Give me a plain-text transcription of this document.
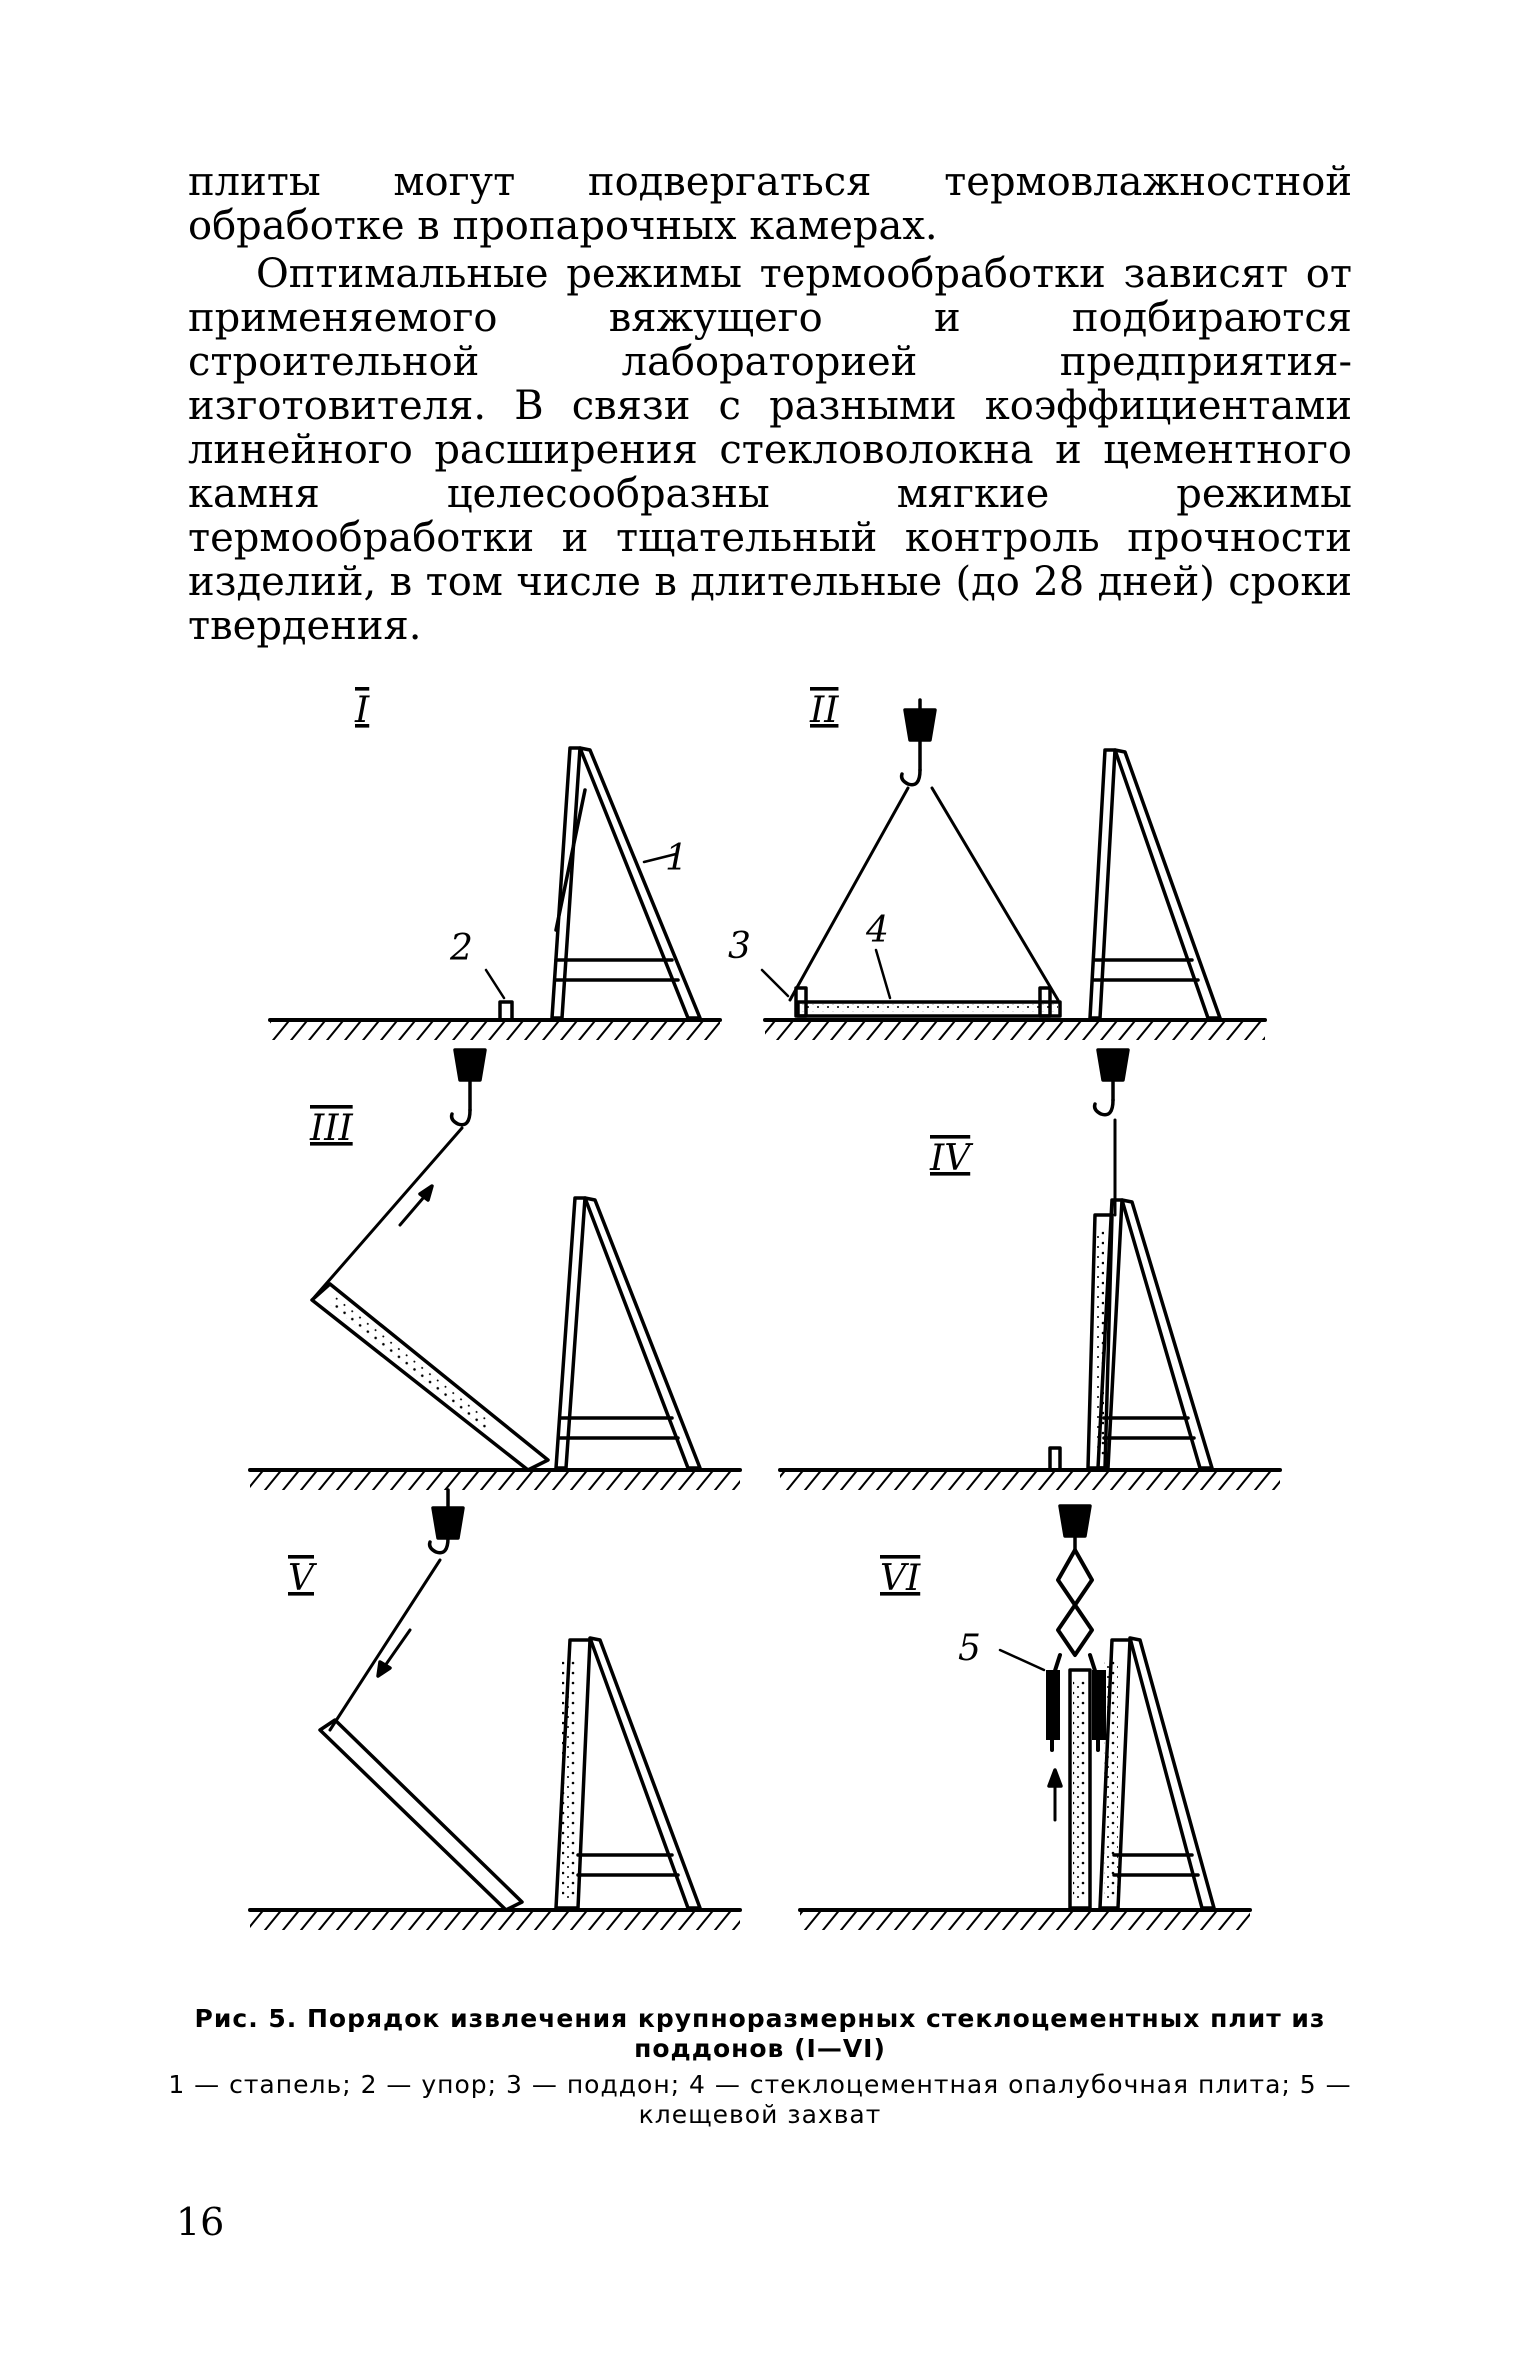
плиты могут подвергаться термовлажностной обработке в пропарочных камерах.

Оптимальные режимы термообработки зависят от применяемого вяжущего и подбираются строительной лабораторией предприятия-изготовителя. В связи с разными коэффициентами линейного расширения стекловолокна и цементного камня целесообразны мягкие режимы термообработки и тщательный контроль прочности изделий, в том числе в длительные (до 28 дней) сроки твердения.

I	II
III
IV
V	VI
1
2	3	4
5
Рис. 5. Порядок извлечения крупноразмерных стеклоцементных плит из поддонов (I—VI)
1 — стапель; 2 — упор; 3 — поддон; 4 — стеклоцементная опалубочная плита; 5 — клещевой захват
16
